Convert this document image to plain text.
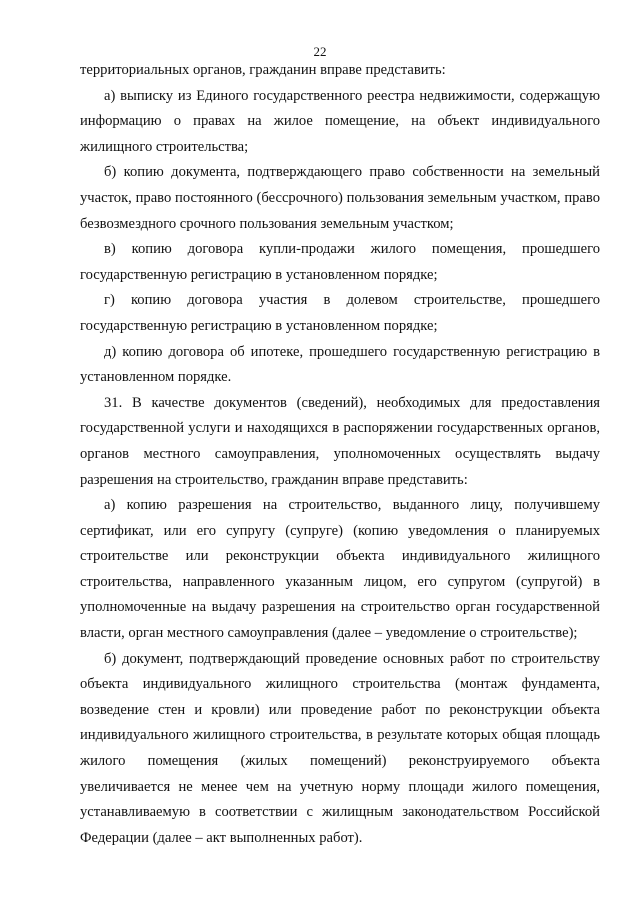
22

территориальных органов, гражданин вправе представить:

а) выписку из Единого государственного реестра недвижимости, содержащую информацию о правах на жилое помещение, на объект индивидуального жилищного строительства;

б) копию документа, подтверждающего право собственности на земельный участок, право постоянного (бессрочного) пользования земельным участком, право безвозмездного срочного пользования земельным участком;

в) копию договора купли-продажи жилого помещения, прошедшего государственную регистрацию в установленном порядке;

г) копию договора участия в долевом строительстве, прошедшего государственную регистрацию в установленном порядке;

д) копию договора об ипотеке, прошедшего государственную регистрацию в установленном порядке.

31. В качестве документов (сведений), необходимых для предоставления государственной услуги и находящихся в распоряжении государственных органов, органов местного самоуправления, уполномоченных осуществлять выдачу разрешения на строительство, гражданин вправе представить:

а) копию разрешения на строительство, выданного лицу, получившему сертификат, или его супругу (супруге) (копию уведомления о планируемых строительстве или реконструкции объекта индивидуального жилищного строительства, направленного указанным лицом, его супругом (супругой) в уполномоченные на выдачу разрешения на строительство орган государственной власти, орган местного самоуправления (далее – уведомление о строительстве);

б) документ, подтверждающий проведение основных работ по строительству объекта индивидуального жилищного строительства (монтаж фундамента, возведение стен и кровли) или проведение работ по реконструкции объекта индивидуального жилищного строительства, в результате которых общая площадь жилого помещения (жилых помещений) реконструируемого объекта увеличивается не менее чем на учетную норму площади жилого помещения, устанавливаемую в соответствии с жилищным законодательством Российской Федерации (далее – акт выполненных работ).
